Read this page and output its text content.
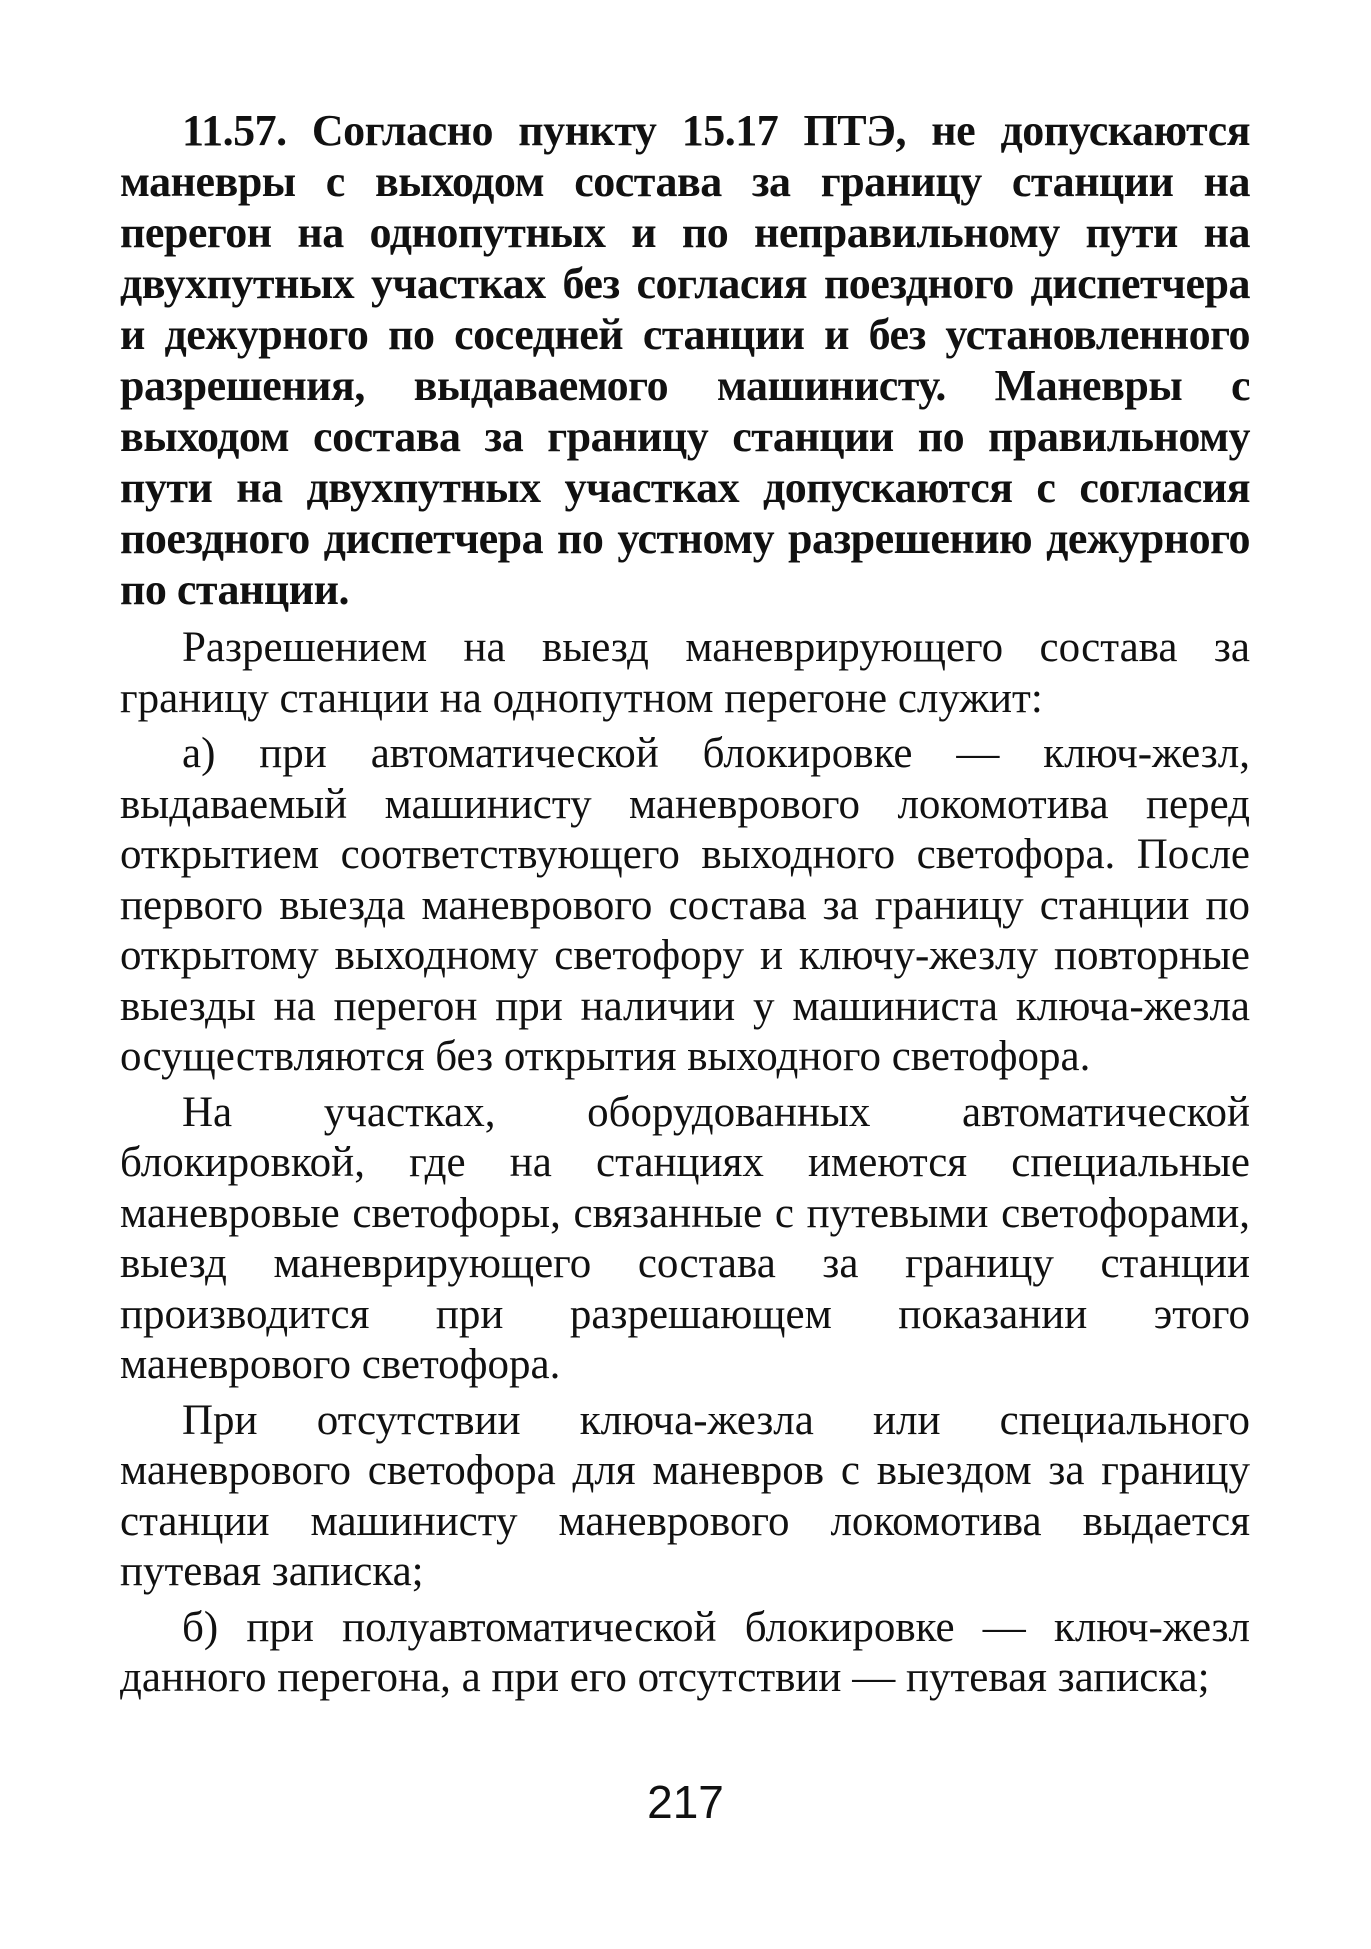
11.57. Согласно пункту 15.17 ПТЭ, не допускаются маневры с выходом состава за границу станции на перегон на однопутных и по неправильному пути на двухпутных участках без согласия поездного диспетчера и дежурного по соседней станции и без установленного разрешения, выдаваемого машинисту. Маневры с выходом состава за границу станции по правильному пути на двухпутных участках допускаются с согласия поездного диспетчера по устному разрешению дежурного по станции.

Разрешением на выезд маневрирующего состава за границу станции на однопутном перегоне служит:

а) при автоматической блокировке — ключ-жезл, выдаваемый машинисту маневрового локомотива перед открытием соответствующего выходного светофора. После первого выезда маневрового состава за границу станции по открытому выходному светофору и ключу-жезлу повторные выезды на перегон при наличии у машиниста ключа-жезла осуществляются без открытия выходного светофора.

На участках, оборудованных автоматической блокировкой, где на станциях имеются специальные маневровые светофоры, связанные с путевыми светофорами, выезд маневрирующего состава за границу станции производится при разрешающем показании этого маневрового светофора.

При отсутствии ключа-жезла или специального маневрового светофора для маневров с выездом за границу станции машинисту маневрового локомотива выдается путевая записка;

б) при полуавтоматической блокировке — ключ-жезл данного перегона, а при его отсутствии — путевая записка;

217
